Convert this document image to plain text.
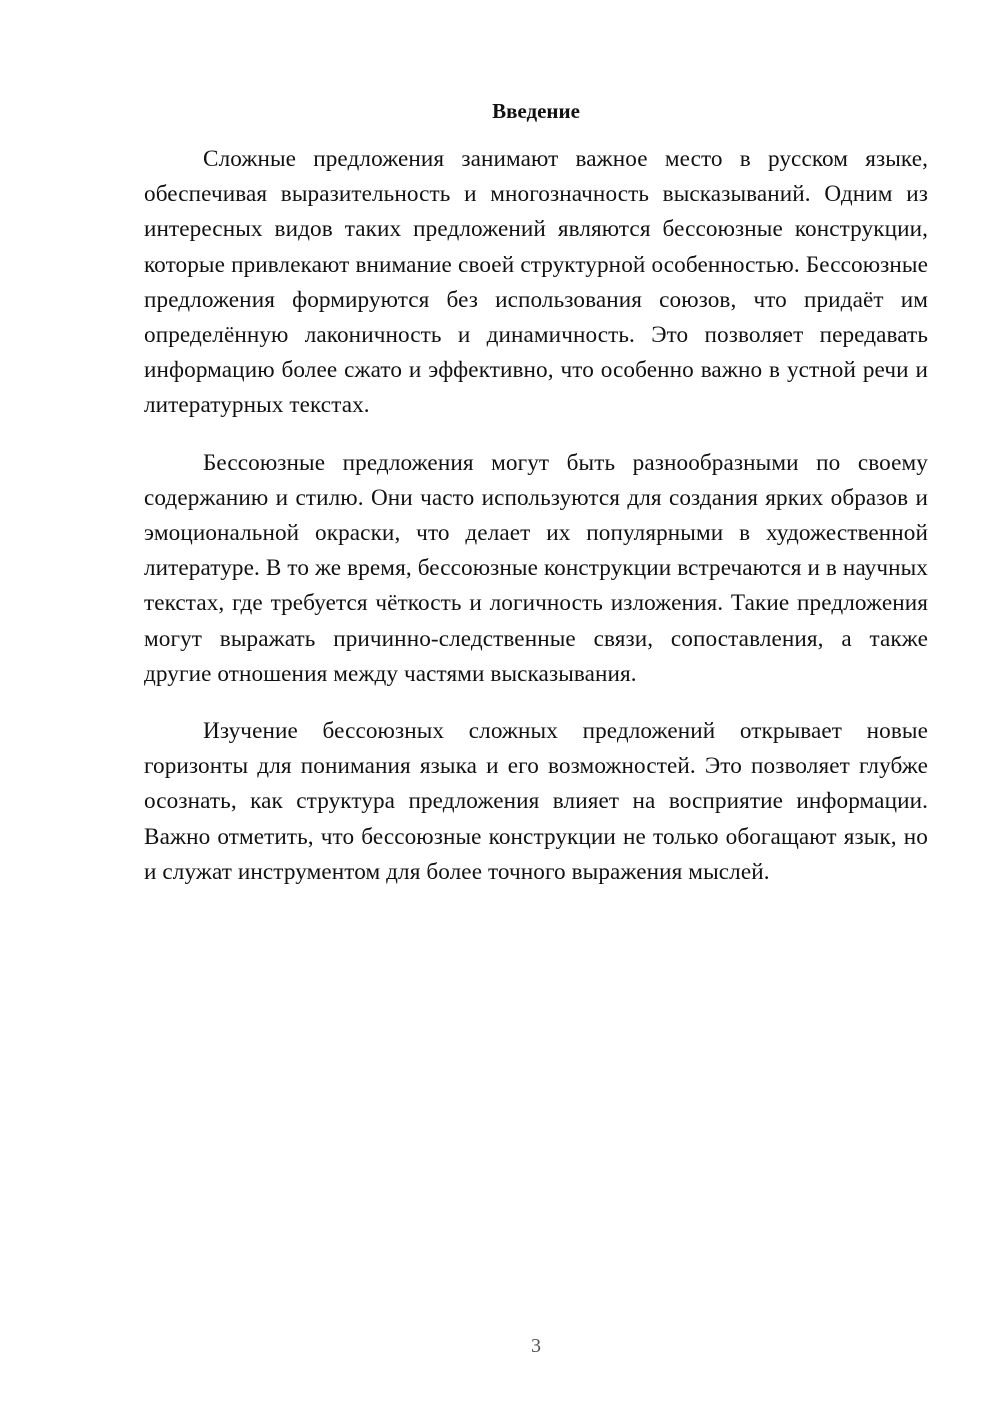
Введение

Сложные предложения занимают важное место в русском языке, обеспечивая выразительность и многозначность высказываний. Одним из интересных видов таких предложений являются бессоюзные конструкции, которые привлекают внимание своей структурной особенностью. Бессоюзные предложения формируются без использования союзов, что придаёт им определённую лаконичность и динамичность. Это позволяет передавать информацию более сжато и эффективно, что особенно важно в устной речи и литературных текстах.

Бессоюзные предложения могут быть разнообразными по своему содержанию и стилю. Они часто используются для создания ярких образов и эмоциональной окраски, что делает их популярными в художественной литературе. В то же время, бессоюзные конструкции встречаются и в научных текстах, где требуется чёткость и логичность изложения. Такие предложения могут выражать причинно-следственные связи, сопоставления, а также другие отношения между частями высказывания.

Изучение бессоюзных сложных предложений открывает новые горизонты для понимания языка и его возможностей. Это позволяет глубже осознать, как структура предложения влияет на восприятие информации. Важно отметить, что бессоюзные конструкции не только обогащают язык, но и служат инструментом для более точного выражения мыслей.

3
